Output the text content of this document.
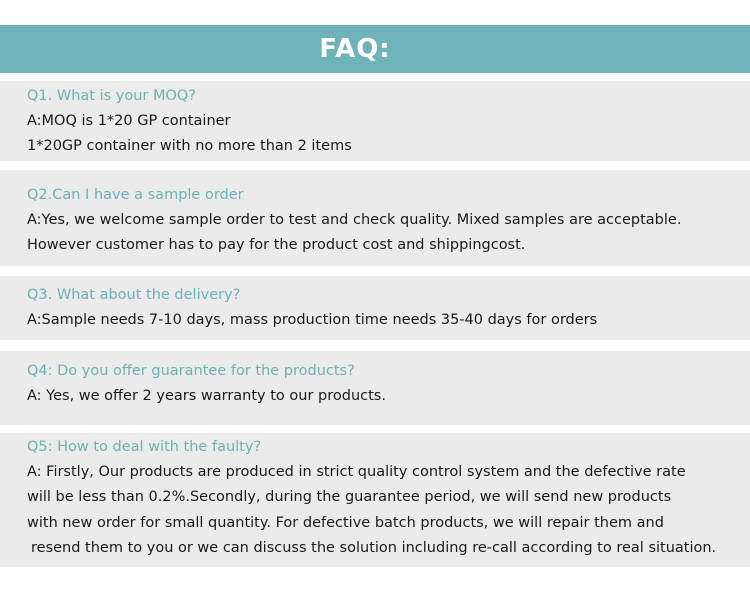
FAQ:
Q1. What is your MOQ?
A:MOQ is 1*20 GP container
1*20GP container with no more than 2 items
Q2.Can I have a sample order
A:Yes, we welcome sample order to test and check quality. Mixed samples are acceptable.
However customer has to pay for the product cost and shippingcost.
Q3. What about the delivery?
A:Sample needs 7-10 days, mass production time needs 35-40 days for orders
Q4: Do you offer guarantee for the products?
A: Yes, we offer 2 years warranty to our products.
Q5: How to deal with the faulty?
A: Firstly, Our products are produced in strict quality control system and the defective rate
will be less than 0.2%.Secondly, during the guarantee period, we will send new products
with new order for small quantity. For defective batch products, we will repair them and
resend them to you or we can discuss the solution including re-call according to real situation.
